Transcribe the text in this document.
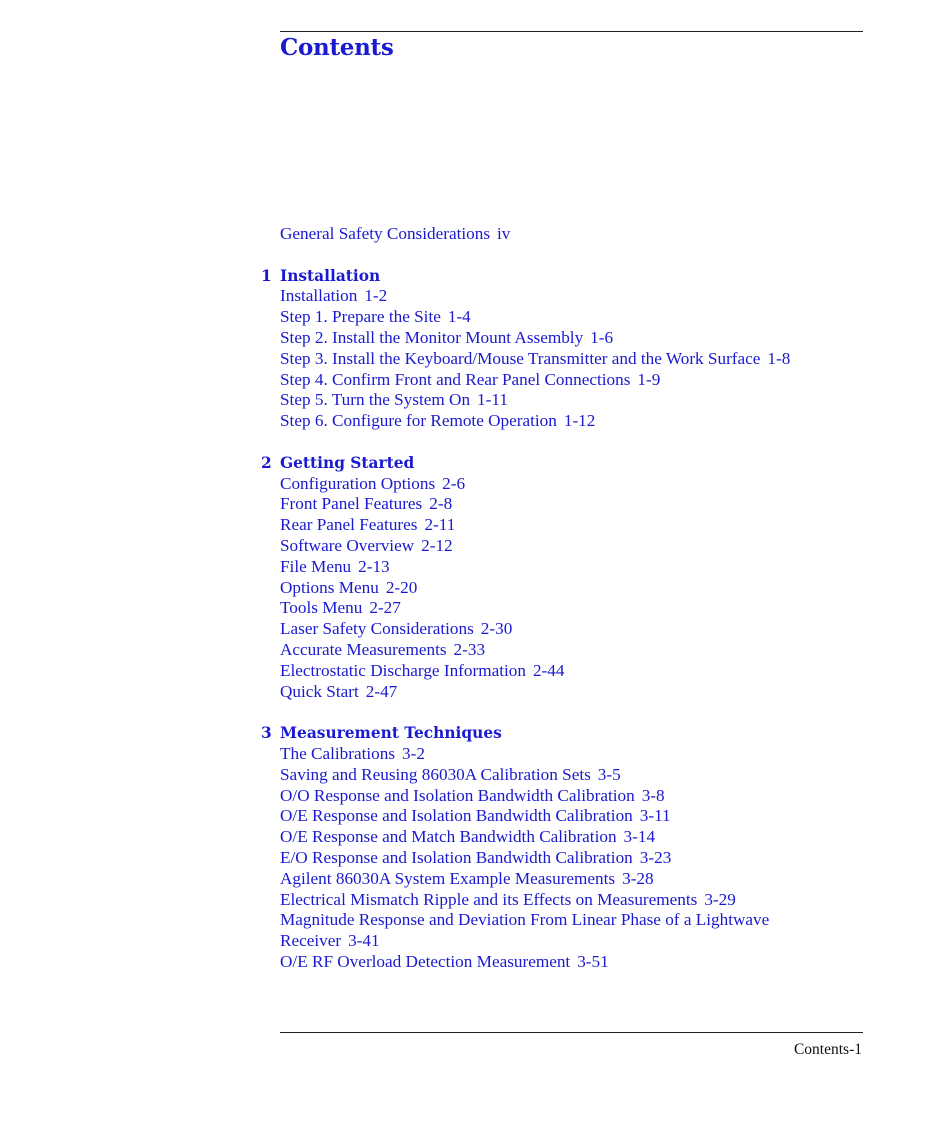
Contents
General Safety Considerations iv
1 Installation
Installation 1-2
Step 1. Prepare the Site 1-4
Step 2. Install the Monitor Mount Assembly 1-6
Step 3. Install the Keyboard/Mouse Transmitter and the Work Surface 1-8
Step 4. Confirm Front and Rear Panel Connections 1-9
Step 5. Turn the System On 1-11
Step 6. Configure for Remote Operation 1-12
2 Getting Started
Configuration Options 2-6
Front Panel Features 2-8
Rear Panel Features 2-11
Software Overview 2-12
File Menu 2-13
Options Menu 2-20
Tools Menu 2-27
Laser Safety Considerations 2-30
Accurate Measurements 2-33
Electrostatic Discharge Information 2-44
Quick Start 2-47
3 Measurement Techniques
The Calibrations 3-2
Saving and Reusing 86030A Calibration Sets 3-5
O/O Response and Isolation Bandwidth Calibration 3-8
O/E Response and Isolation Bandwidth Calibration 3-11
O/E Response and Match Bandwidth Calibration 3-14
E/O Response and Isolation Bandwidth Calibration 3-23
Agilent 86030A System Example Measurements 3-28
Electrical Mismatch Ripple and its Effects on Measurements 3-29
Magnitude Response and Deviation From Linear Phase of a Lightwave
Receiver 3-41
O/E RF Overload Detection Measurement 3-51
Contents-1
